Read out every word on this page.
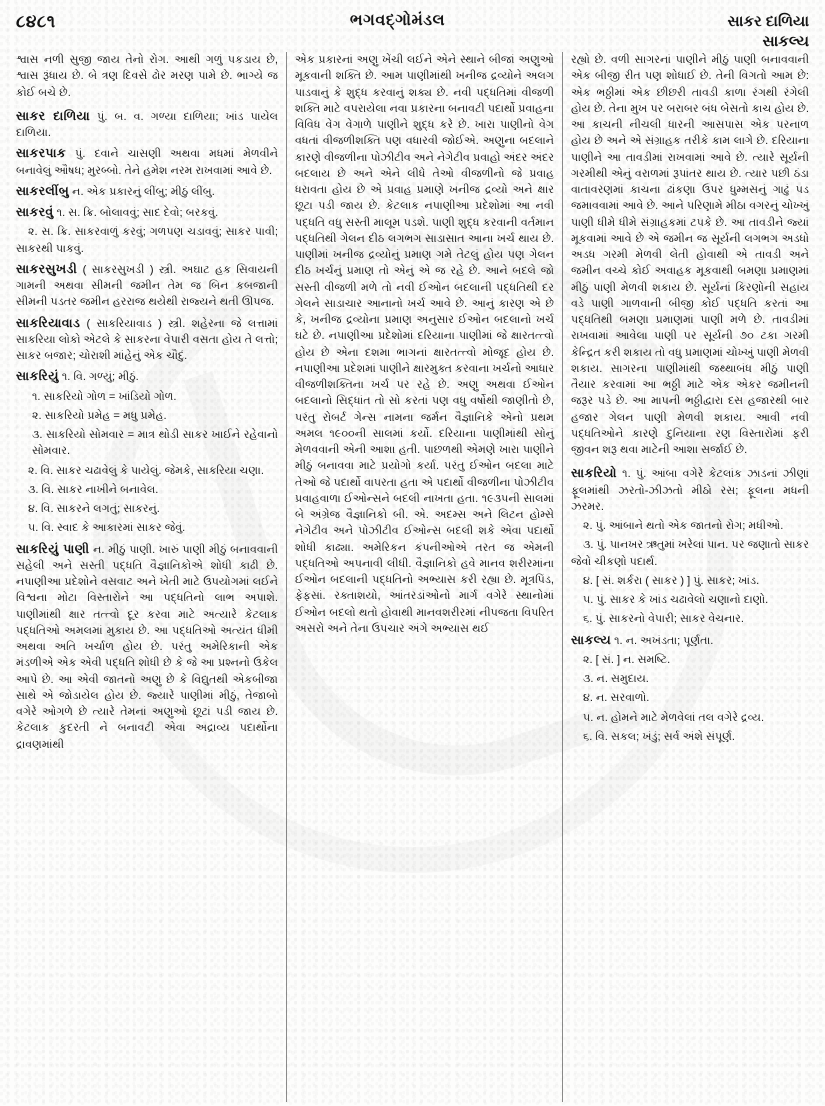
૮૪૮૧	ભગવદ્ગોમંડલ	સાકર દાળિયા
સાકલ્ય

શ્વાસ નળી સુજી જાય તેનો રોગ. આથી ગળું પકડાય છે, શ્વાસ રૂંધાય છે. બે ત્રણ દિવસે ઢોર મરણ પામે છે. ભાગ્યે જ કોઈ બચે છે.

સાકર દાળિયા પું. બ. વ. ગળ્યા દાળિયા; ખાંડ પાયેલ દાળિયા.

સાકરપાક પું. દવાને ચાસણી અથવા મધમાં મેળવીને બનાવેલું ઔષધ; મુરબ્બો. તેને હમેશ નરમ રાખવામાં આવે છે.

સાકરલીંબુ ન. એક પ્રકારનું લીંબુ; મીઠું લીંબુ.

સાકરવું ૧. સ. ક્રિ. બોલાવવું; સાદ દેવો; બરકવું.

૨. સ. ક્રિ. સાકરવાળું કરવું; ગળપણ ચડાવવું; સાકર પાવી; સાકરથી પાકવું.

સાકરસુખડી ( સાકરસુખડી ) સ્ત્રી. અઘાટ હક સિવાયની ગામની અથવા સીમની જમીન તેમ જ બિન કબજાની સીમની પડતર જમીન હરરાજ થયેથી રાજ્યને થતી ઊપજ.

સાકરિયાવાડ ( સાકરિયાવાડ ) સ્ત્રી. શહેરના જે લત્તામાં સાકરિયા લોકો એટલે કે સાકરના વેપારી વસતા હોય તે લત્તો; સાકર બજાર; ચોરાશી માંહેનું એક ચૌદું.

સાકરિયું ૧. વિ. ગળ્યું; મીઠું.

૧. સાકરિયો ગોળ = ખાંડિયો ગોળ.

૨. સાકરિયો પ્રમેહ = મધુ પ્રમેહ.

૩. સાકરિયો સોમવાર = માત્ર થોડી સાકર ખાઈને રહેવાનો સોમવાર.

૨. વિ. સાકર ચઢાવેલું કે પાયેલું. જેમકે, સાકરિયા ચણા.

૩. વિ. સાકર નાખીને બનાવેલ.

૪. વિ. સાકરને લગતું; સાકરનું.

૫. વિ. સ્વાદ કે આકારમાં સાકર જેવું.

સાકરિયું પાણી ન. મીઠું પાણી. ખારું પાણી મીઠું બનાવવાની સહેલી અને સસ્તી પદ્ધતિ વૈજ્ઞાનિકોએ શોધી કાઢી છે. નપાણીઆ પ્રદેશોને વસવાટ અને ખેતી માટે ઉપયોગમાં લઈને વિશ્વના મોટા વિસ્તારોને આ પદ્ધતિનો લાભ અપાશે. પાણીમાંથી ક્ષાર તત્ત્વો દૂર કરવા માટે અત્યારે કેટલાક પદ્ધતિઓ અમલમાં મુકાય છે. આ પદ્ધતિઓ અત્યંત ધીમી અથવા અતિ ખર્ચાળ હોય છે. પરંતુ અમેરિકાની એક મંડળીએ એક એવી પદ્ધતિ શોધી છે કે જે આ પ્રશ્નનો ઉકેલ આપે છે. આ એવી જાતનો અણુ છે કે વિદ્યુતથી એકબીજા સાથે એ જોડાયેલ હોય છે. જ્યારે પાણીમાં મીઠું, તેજાબો વગેરે ઓગળે છે ત્યારે તેમનાં અણુઓ છૂટાં પડી જાય છે. કેટલાક કુદરતી ને બનાવટી એવા અદ્રાવ્ય પદાર્થોના દ્રાવણમાંથી

એક પ્રકારનાં અણુ ખેંચી લઈને એને સ્થાને બીજાં અણુઓ મૂકવાની શક્તિ છે. આમ પાણીમાંથી ખનીજ દ્રવ્યોને અલગ પાડવાનું કે શુદ્ધ કરવાનું શક્ય છે. નવી પદ્ધતિમાં વીજળી શક્તિ માટે વપરાયેલા નવા પ્રકારના બનાવટી પદાર્થો પ્રવાહના વિવિધ વેગ વેગાળે પાણીને શુદ્ધ કરે છે. ખારા પાણીનો વેગ વધતાં વીજળીશક્તિ પણ વધારવી જોઈએ. અણુના બદલાને કારણે વીજળીના પોઝીટીવ અને નેગેટીવ પ્રવાહો અંદર અંદર બદલાય છે અને એને લીધે તેઓ વીજળીનો જે પ્રવાહ ધરાવતા હોય છે એ પ્રવાહ પ્રમાણે ખનીજ દ્રવ્યો અને ક્ષાર છૂટા પડી જાય છે. કેટલાક નપાણીઆ પ્રદેશોમાં આ નવી પદ્ધતિ વધુ સસ્તી માલૂમ પડશે. પાણી શુદ્ધ કરવાની વર્તમાન પદ્ધતિથી ગેલન દીઠ લગભગ સાડાસાત આના ખર્ચ થાય છે. પાણીમાં ખનીજ દ્રવ્યોનું પ્રમાણ ગમે તેટલું હોય પણ ગેલન દીઠ ખર્ચનું પ્રમાણ તો એનું એ જ રહે છે. આને બદલે જો સસ્તી વીજળી મળે તો નવી ઈઓન બદલાની પદ્ધતિથી દર ગેલને સાડાચાર આનાનો ખર્ચ આવે છે. આનું કારણ એ છે કે, ખનીજ દ્રવ્યોના પ્રમાણ અનુસાર ઈઓન બદલાનો ખર્ચ ઘટે છે. નપાણીઆ પ્રદેશોમાં દરિયાના પાણીમાં જે ક્ષારતત્ત્વો હોય છે એના દશમા ભાગનાં ક્ષારતત્ત્વો મોજૂદ હોય છે. નપાણીઆ પ્રદેશમાં પાણીને ક્ષારમુક્ત કરવાના ખર્ચનો આધાર વીજળીશક્તિના ખર્ચ પર રહે છે. અણુ અથવા ઈઓન બદલાનો સિદ્ધાંત તો સો કરતાં પણ વધુ વર્ષોથી જાણીતો છે, પરંતુ રોબર્ટ ગેન્સ નામના જર્મન વૈજ્ઞાનિકે એનો પ્રથમ અમલ ૧૯૦૦ની સાલમાં કર્યો. દરિયાના પાણીમાંથી સોનું મેળવવાની એની આશા હતી. પાછળથી એમણે ખારા પાણીને મીઠું બનાવવા માટે પ્રયોગો કર્યા. પરંતુ ઈઓન બદલા માટે તેઓ જે પદાર્થો વાપરતા હતા એ પદાર્થો વીજળીના પોઝીટીવ પ્રવાહવાળા ઈઓન્સને બદલી નાખતા હતા. ૧૯૩૫ની સાલમાં બે અંગ્રેજ વૈજ્ઞાનિકો બી. એ. અદમ્સ અને લિટન હોમ્સે નેગેટીવ અને પોઝીટીવ ઈઓન્સ બદલી શકે એવા પદાર્થો શોધી કાઢ્યા. અમેરિકન કંપનીઓએ તરત જ એમની પદ્ધતિઓ અપનાવી લીધી. વૈજ્ઞાનિકો હવે માનવ શરીરમાંના ઈઓન બદલાની પદ્ધતિનો અભ્યાસ કરી રહ્યા છે. મૂત્રપિંડ, ફેફસાં. રક્તાશયો, આંતરડાંઓનો માર્ગ વગેરે સ્થાનોમાં ઈઓન બદલો થતો હોવાથી માનવશરીરમાં નીપજતા વિપરિત અસરો અને તેના ઉપચાર અંગે અભ્યાસ થઈ

રહ્યો છે. વળી સાગરનાં પાણીને મીઠું પાણી બનાવવાની એક બીજી રીત પણ શોધાઈ છે. તેની વિગતો આમ છે: એક ભઠ્ઠીમાં એક છીછરી તાવડી કાળા રંગથી રંગેલી હોય છે. તેના મુખ પર બરાબર બંધ બેસતો કાચ હોય છે. આ કાચની નીચલી ધારની આસપાસ એક પરનાળ હોય છે અને એ સંગ્રાહક તરીકે કામ લાગે છે. દરિયાના પાણીને આ તાવડીમાં રાખવામાં આવે છે. ત્યારે સૂર્યની ગરમીથી એનું વરાળમાં રૂપાંતર થાય છે. ત્યાર પછી ઠંડા વાતાવરણમાં કાચના ઢાંકણા ઉપર ધુમ્મસનું ગાઢું પડ જમાવવામાં આવે છે. આને પરિણામે મીઠા વગરનું ચોખ્ખું પાણી ધીમે ધીમે સંગ્રાહકમાં ટપકે છે. આ તાવડીને જ્યાં મૂકવામાં આવે છે એ જમીન જ સૂર્યની લગભગ અડધો અડધ ગરમી મેળવી લેતી હોવાથી એ તાવડી અને જમીન વચ્ચે કોઈ અવાહક મૂકવાથી બમણા પ્રમાણમાં મીઠું પાણી મેળવી શકાય છે. સૂર્યનાં કિરણોની સહાય વડે પાણી ગાળવાની બીજી કોઈ પદ્ધતિ કરતાં આ પદ્ધતિથી બમણા પ્રમાણમાં પાણી મળે છે. તાવડીમાં રાખવામાં આવેલા પાણી પર સૂર્યની ૭૦ ટકા ગરમી કેન્દ્રિત કરી શકાય તો વધુ પ્રમાણમાં ચોખ્ખું પાણી મેળવી શકાય. સાગરના પાણીમાંથી જથ્થાબંધ મીઠું પાણી તૈયાર કરવામાં આ ભઠ્ઠી માટે એક એકર જમીનની જરૂર પડે છે. આ માપની ભઠ્ઠીદ્વારા દસ હજારથી બાર હજાર ગેલન પાણી મેળવી શકાય. આવી નવી પદ્ધતિઓને કારણે દુનિયાના રણ વિસ્તારોમાં ફરી જીવન શરૂ થવા માટેની આશા સર્જાઈ છે.

સાકરિયો ૧. પું. આંબા વગેરે કેટલાંક ઝાડનાં ઝીણાં ફૂલમાંથી ઝરતો-ઝીઝતો મીઠો રસ; ફૂલના મધની ઝરમર.

૨. પું. આંબાને થતો એક જાતનો રોગ; મધીઓ.

૩. પું. પાનખર ઋતુમાં ખરેલાં પાન. પર જણાતો સાકર જેવો ચીકણો પદાર્થ.

૪. [ સં. શર્કરા ( સાકર ) ] પું. સાકર; ખાંડ.

૫. પું. સાકર કે ખાંડ ચઢાવેલો ચણાનો દાણો.

૬. પું. સાકરનો વેપારી; સાકર વેચનાર.

સાકલ્ય ૧. ન. અખંડતા; પૂર્ણતા.

૨. [ સં. ] ન. સમષ્ટિ.

૩. ન. સમુદાય.

૪. ન. સરવાળો.

૫. ન. હોમને માટે મેળવેલાં તલ વગેરે દ્રવ્ય.

૬. વિ. સકલ; ખંડું; સર્વ અંશે સંપૂર્ણ.
